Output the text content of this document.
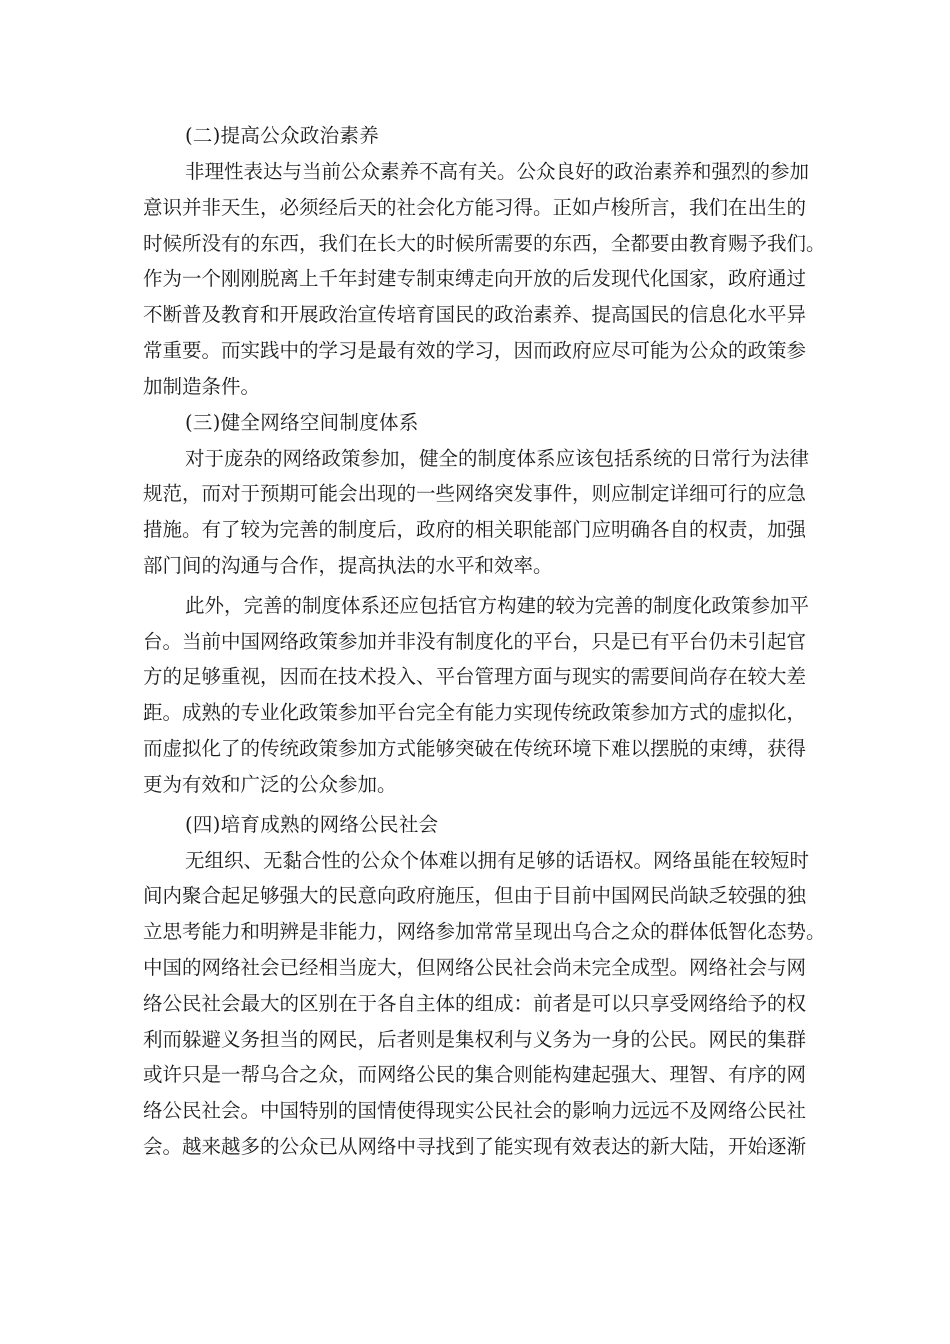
(二)提高公众政治素养

非理性表达与当前公众素养不高有关。公众良好的政治素养和强烈的参加
意识并非天生，必须经后天的社会化方能习得。正如卢梭所言，我们在出生的
时候所没有的东西，我们在长大的时候所需要的东西，全都要由教育赐予我们。
作为一个刚刚脱离上千年封建专制束缚走向开放的后发现代化国家，政府通过
不断普及教育和开展政治宣传培育国民的政治素养、提高国民的信息化水平异
常重要。而实践中的学习是最有效的学习，因而政府应尽可能为公众的政策参
加制造条件。

(三)健全网络空间制度体系

对于庞杂的网络政策参加，健全的制度体系应该包括系统的日常行为法律
规范，而对于预期可能会出现的一些网络突发事件，则应制定详细可行的应急
措施。有了较为完善的制度后，政府的相关职能部门应明确各自的权责，加强
部门间的沟通与合作，提高执法的水平和效率。

此外，完善的制度体系还应包括官方构建的较为完善的制度化政策参加平
台。当前中国网络政策参加并非没有制度化的平台，只是已有平台仍未引起官
方的足够重视，因而在技术投入、平台管理方面与现实的需要间尚存在较大差
距。成熟的专业化政策参加平台完全有能力实现传统政策参加方式的虚拟化，
而虚拟化了的传统政策参加方式能够突破在传统环境下难以摆脱的束缚，获得
更为有效和广泛的公众参加。

(四)培育成熟的网络公民社会

无组织、无黏合性的公众个体难以拥有足够的话语权。网络虽能在较短时
间内聚合起足够强大的民意向政府施压，但由于目前中国网民尚缺乏较强的独
立思考能力和明辨是非能力，网络参加常常呈现出乌合之众的群体低智化态势。
中国的网络社会已经相当庞大，但网络公民社会尚未完全成型。网络社会与网
络公民社会最大的区别在于各自主体的组成：前者是可以只享受网络给予的权
利而躲避义务担当的网民，后者则是集权利与义务为一身的公民。网民的集群
或许只是一帮乌合之众，而网络公民的集合则能构建起强大、理智、有序的网
络公民社会。中国特别的国情使得现实公民社会的影响力远远不及网络公民社
会。越来越多的公众已从网络中寻找到了能实现有效表达的新大陆，开始逐渐
